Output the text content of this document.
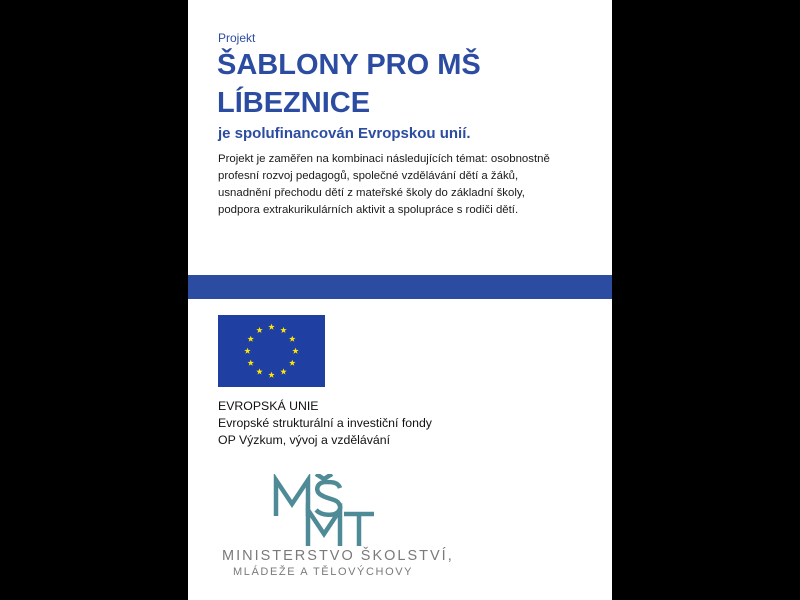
Projekt
ŠABLONY PRO MŠ
LÍBEZNICE
je spolufinancován Evropskou unií.
Projekt je zaměřen na kombinaci následujících témat: osobnostně
profesní rozvoj pedagogů, společné vzdělávání dětí a žáků,
usnadnění přechodu dětí z mateřské školy do základní školy,
podpora extrakurikulárních aktivit a spolupráce s rodiči dětí.
EVROPSKÁ UNIE
Evropské strukturální a investiční fondy
OP Výzkum, vývoj a vzdělávání
MINISTERSTVO ŠKOLSTVÍ,
MLÁDEŽE A TĚLOVÝCHOVY
